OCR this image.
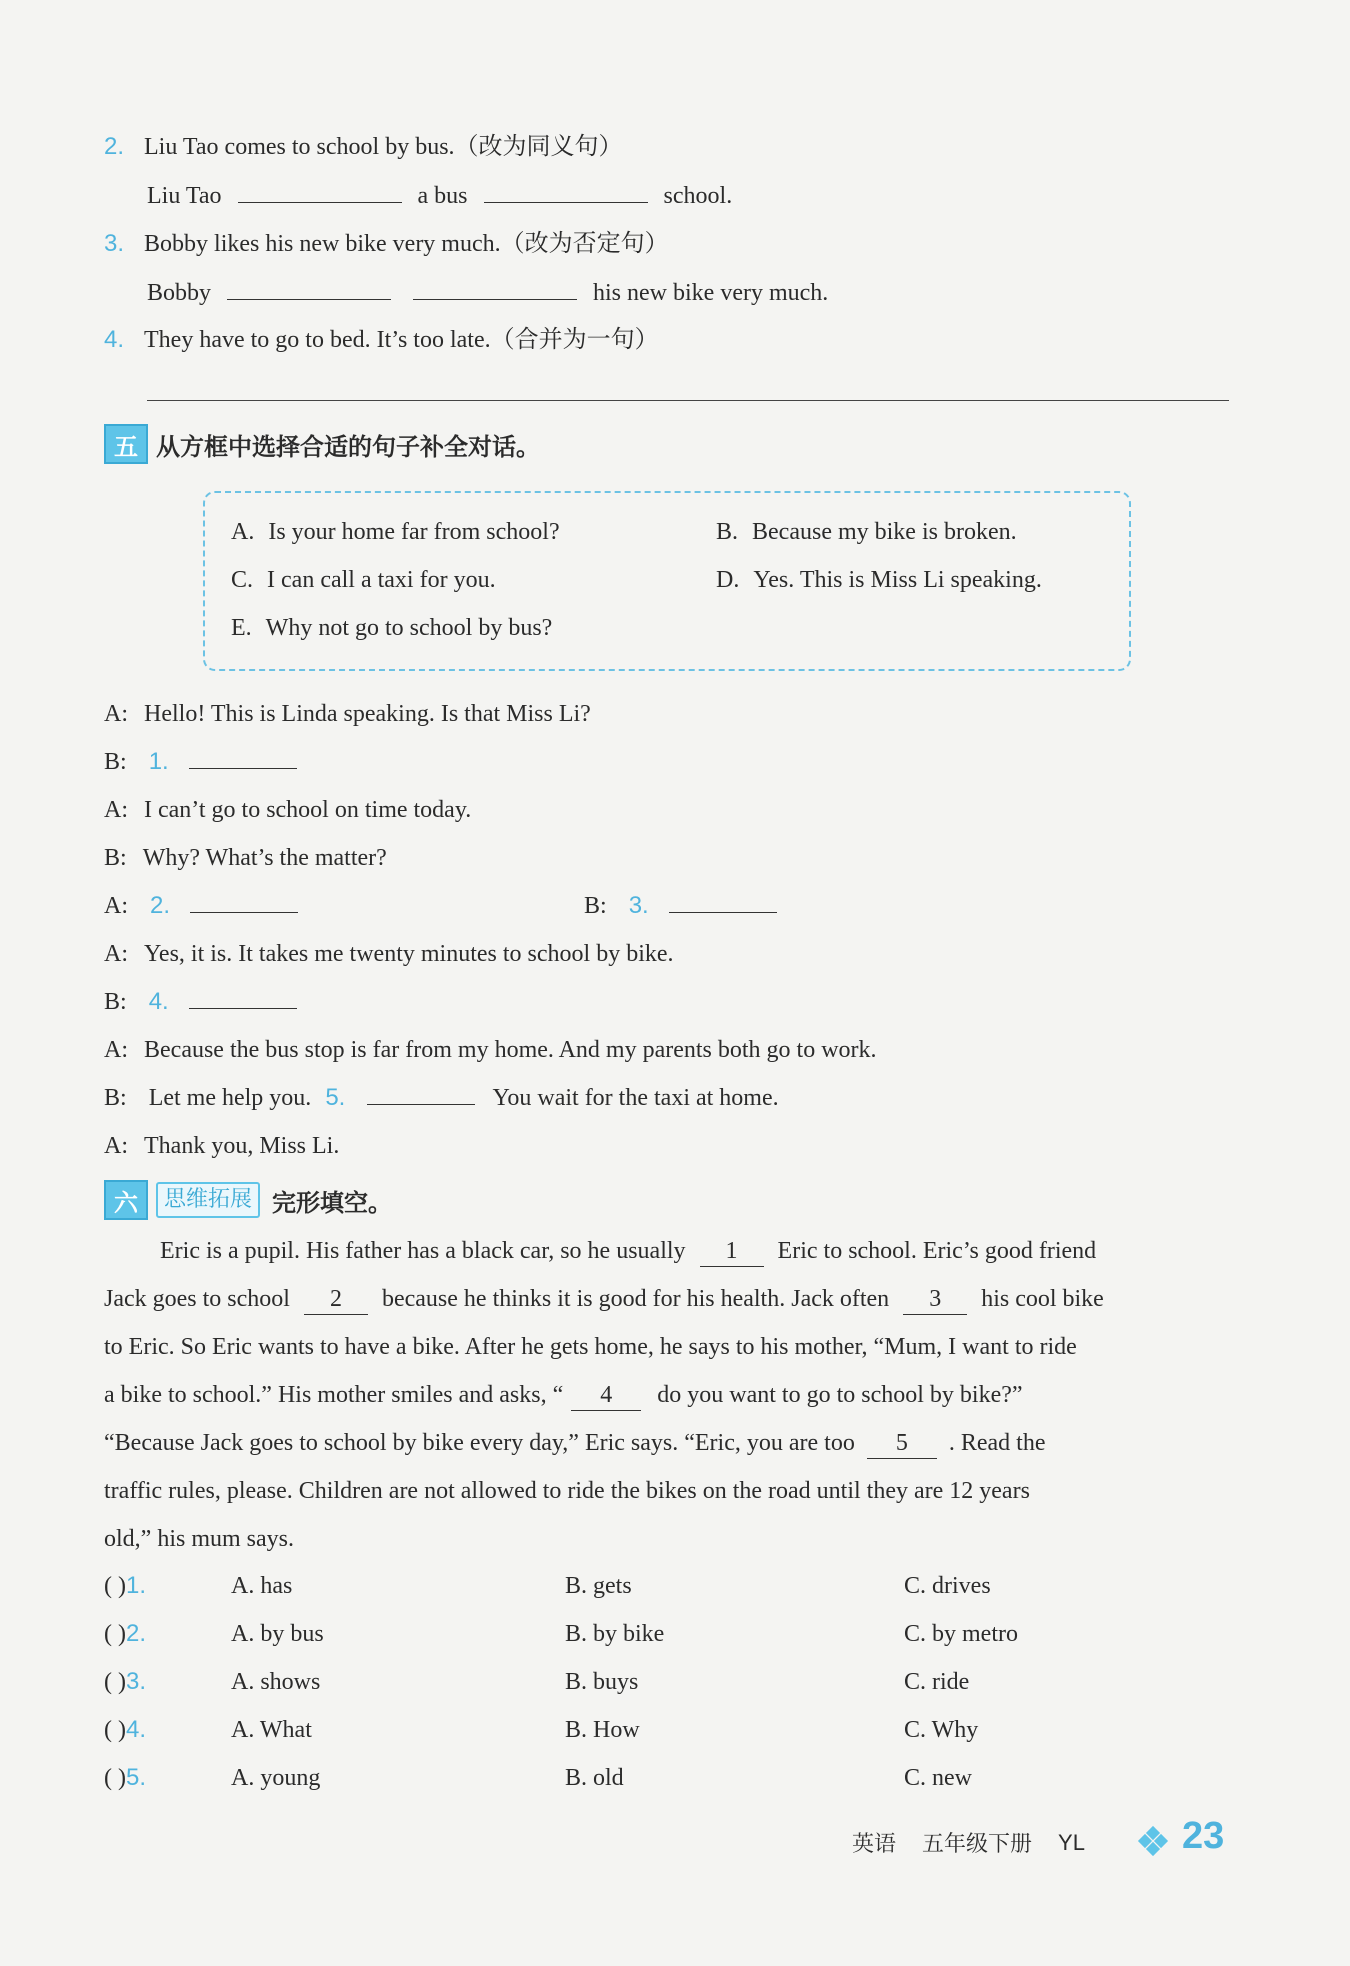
2. Liu Tao comes to school by bus.（改为同义句）
Liu Tao	a bus	school.
3. Bobby likes his new bike very much.（改为否定句）
Bobby	his new bike very much.
4. They have to go to bed. It’s too late.（合并为一句）
五 从方框中选择合适的句子补全对话。
A. Is your home far from school?	B. Because my bike is broken.
C. I can call a taxi for you.	D. Yes. This is Miss Li speaking.
E. Why not go to school by bus?
A: Hello! This is Linda speaking. Is that Miss Li?
B: 1.
A: I can’t go to school on time today.
B: Why? What’s the matter?
A: 2.	B: 3.
A: Yes, it is. It takes me twenty minutes to school by bike.
B: 4.
A: Because the bus stop is far from my home. And my parents both go to work.
B: Let me help you. 5.	You wait for the taxi at home.
A: Thank you, Miss Li.
六	思维拓展 完形填空。
Eric is a pupil. His father has a black car, so he usually 1 Eric to school. Eric’s good friend
Jack goes to school 2 because he thinks it is good for his health. Jack often 3 his cool bike
to Eric. So Eric wants to have a bike. After he gets home, he says to his mother, “Mum, I want to ride
a bike to school.” His mother smiles and asks, “ 4 do you want to go to school by bike?”
“Because Jack goes to school by bike every day,” Eric says. “Eric, you are too 5 . Read the
traffic rules, please. Children are not allowed to ride the bikes on the road until they are 12 years
old,” his mum says.
( )1.	A. has	B. gets	C. drives
( )2.	A. by bus	B. by bike	C. by metro
( )3.	A. shows	B. buys	C. ride
( )4.	A. What	B. How	C. Why
( )5.	A. young	B. old	C. new
英语 五年级下册 YL	23
